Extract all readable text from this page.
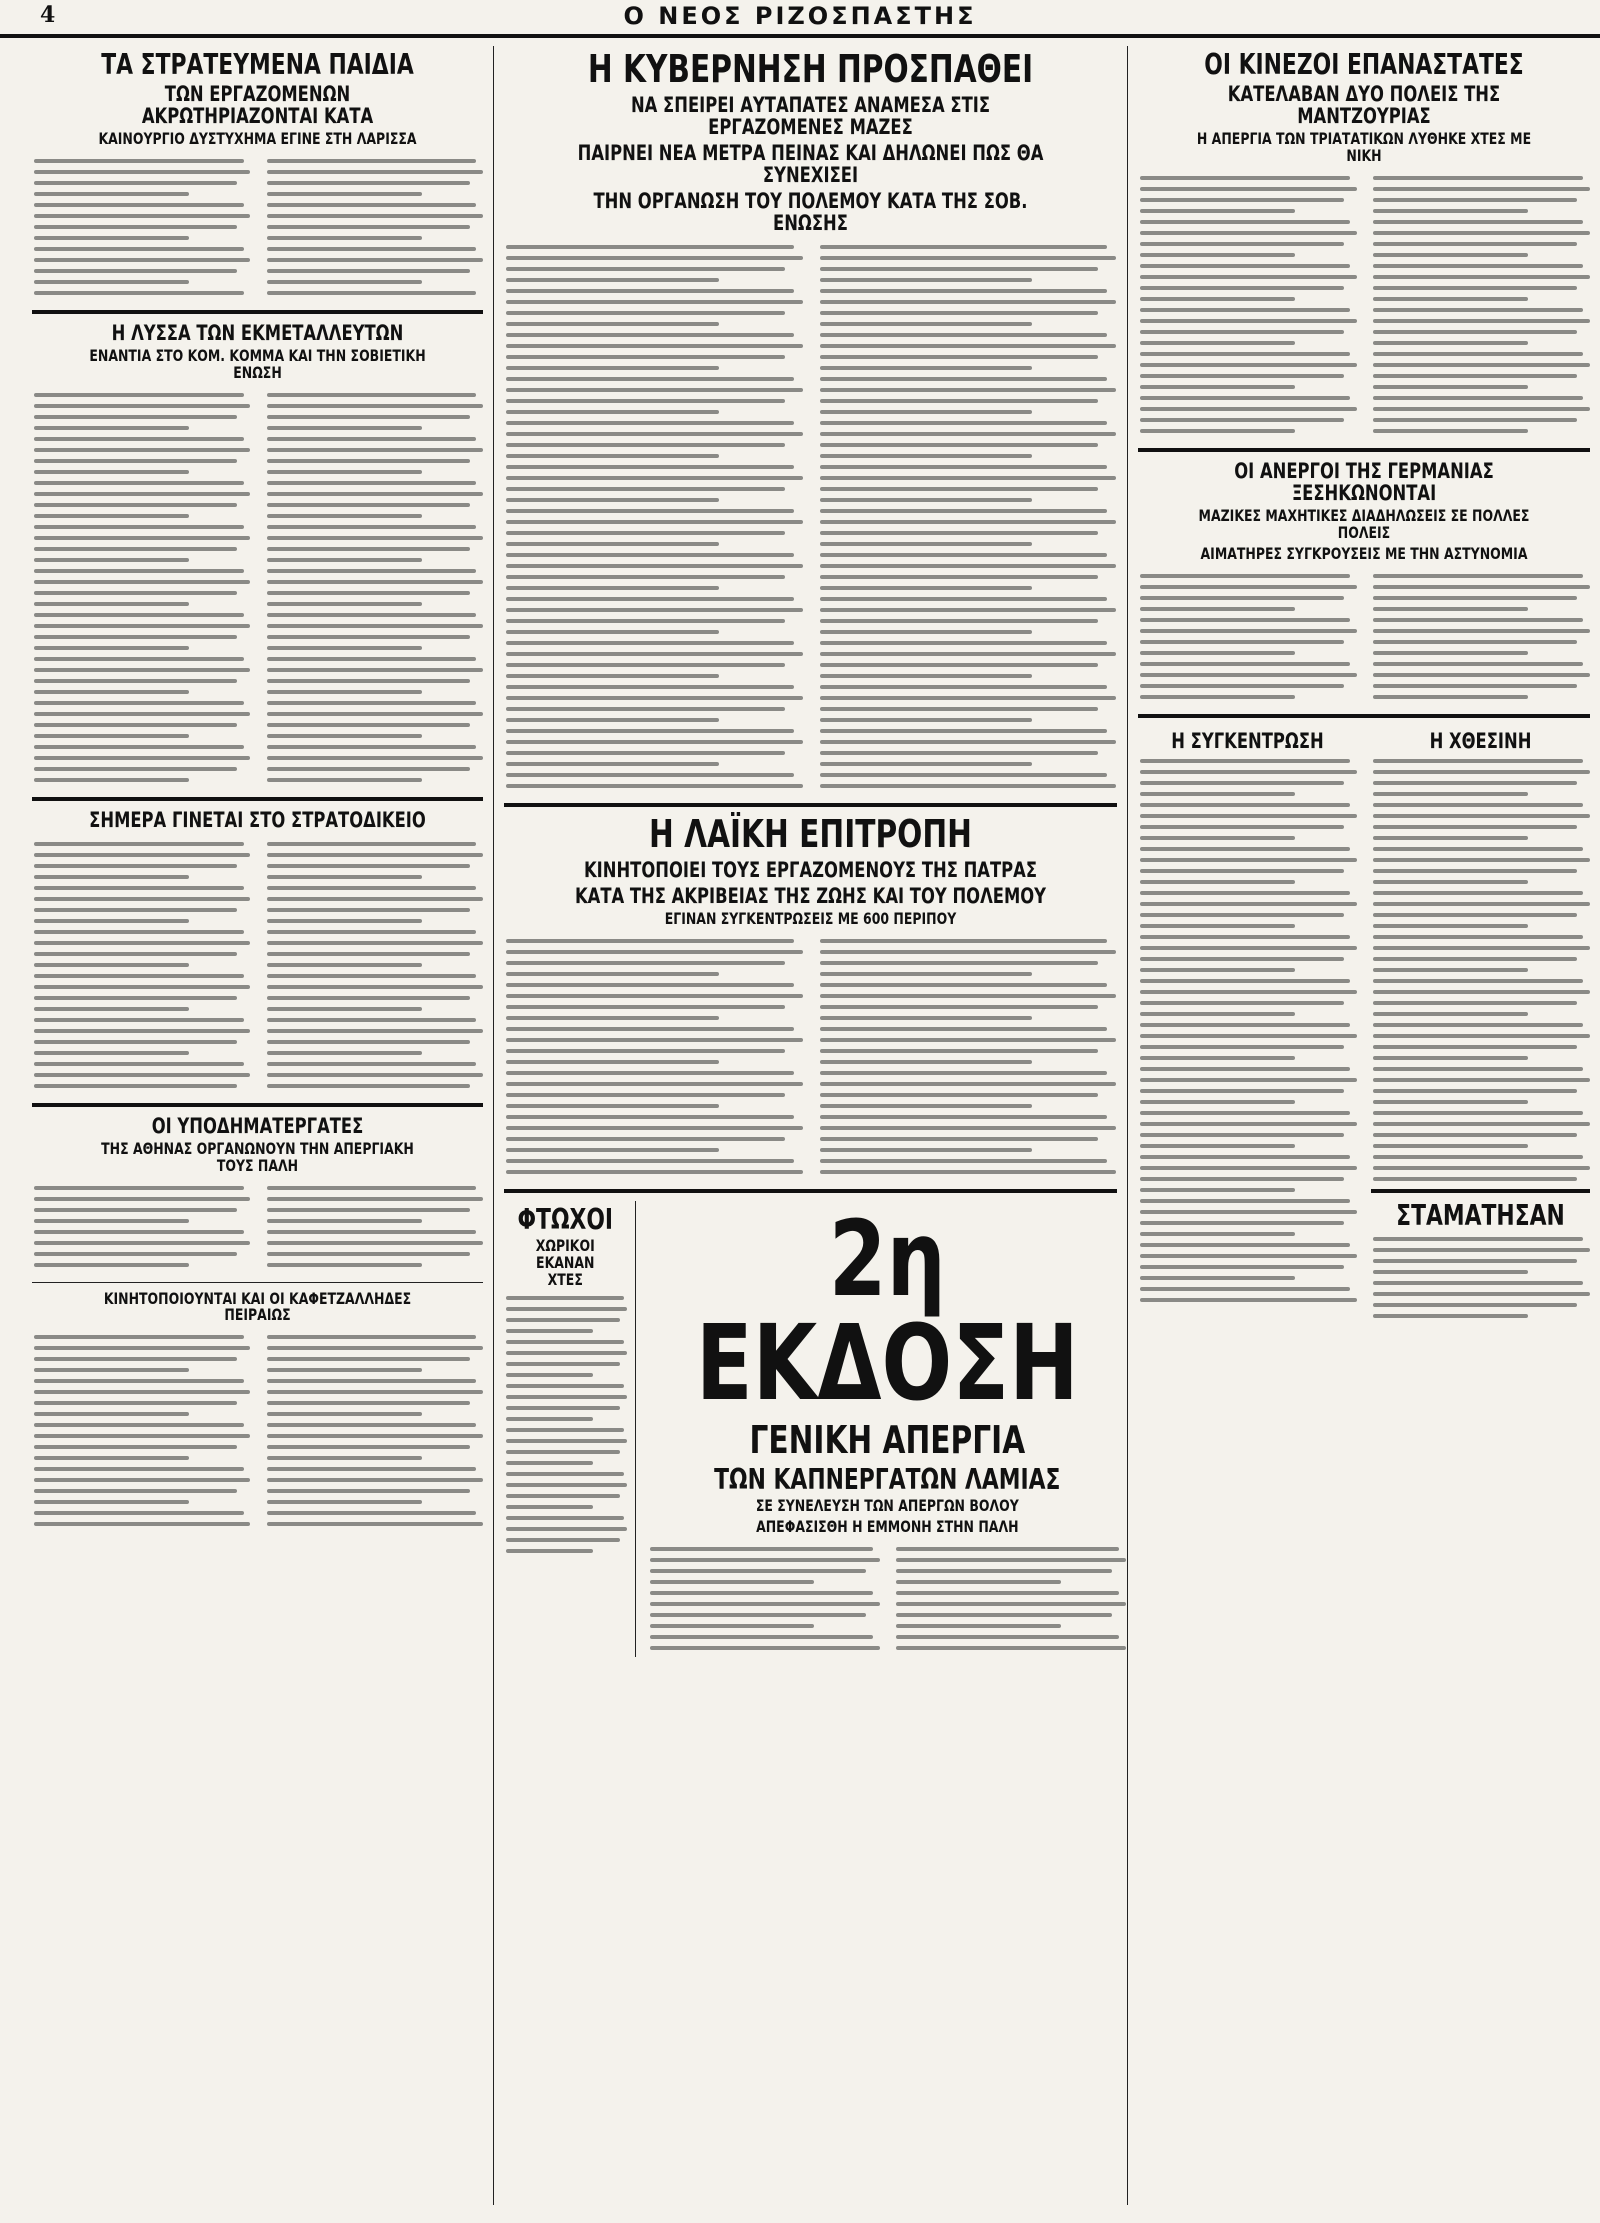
4	Ο ΝΕΟΣ ΡΙΖΟΣΠΑΣΤΗΣ
ΤΑ ΣΤΡΑΤΕΥΜΕΝΑ ΠΑΙΔΙΑ
ΤΩΝ ΕΡΓΑΖΟΜΕΝΩΝ ΑΚΡΩΤΗΡΙΑΖΟΝΤΑΙ ΚΑΤΑ
ΚΑΙΝΟΥΡΓΙΟ ΔΥΣΤΥΧΗΜΑ ΕΓΙΝΕ ΣΤΗ ΛΑΡΙΣΣΑ
Η ΛΥΣΣΑ ΤΩΝ ΕΚΜΕΤΑΛΛΕΥΤΩΝ
ΕΝΑΝΤΙΑ ΣΤΟ ΚΟΜ. ΚΟΜΜΑ ΚΑΙ ΤΗΝ ΣΟΒΙΕΤΙΚΗ ΕΝΩΣΗ
ΣΗΜΕΡΑ ΓΙΝΕΤΑΙ ΣΤΟ ΣΤΡΑΤΟΔΙΚΕΙΟ
ΟΙ ΥΠΟΔΗΜΑΤΕΡΓΑΤΕΣ
ΤΗΣ ΑΘΗΝΑΣ ΟΡΓΑΝΩΝΟΥΝ ΤΗΝ ΑΠΕΡΓΙΑΚΗ ΤΟΥΣ ΠΑΛΗ
ΚΙΝΗΤΟΠΟΙΟΥΝΤΑΙ ΚΑΙ ΟΙ ΚΑΦΕΤΖΑΛΛΗΔΕΣ ΠΕΙΡΑΙΩΣ
Η ΚΥΒΕΡΝΗΣΗ ΠΡΟΣΠΑΘΕΙ
ΝΑ ΣΠΕΙΡΕΙ ΑΥΤΑΠΑΤΕΣ ΑΝΑΜΕΣΑ ΣΤΙΣ ΕΡΓΑΖΟΜΕΝΕΣ ΜΑΖΕΣ
ΠΑΙΡΝΕΙ ΝΕΑ ΜΕΤΡΑ ΠΕΙΝΑΣ ΚΑΙ ΔΗΛΩΝΕΙ ΠΩΣ ΘΑ ΣΥΝΕΧΙΣΕΙ
ΤΗΝ ΟΡΓΑΝΩΣΗ ΤΟΥ ΠΟΛΕΜΟΥ ΚΑΤΑ ΤΗΣ ΣΟΒ. ΕΝΩΣΗΣ
Η ΛΑΪΚΗ ΕΠΙΤΡΟΠΗ
ΚΙΝΗΤΟΠΟΙΕΙ ΤΟΥΣ ΕΡΓΑΖΟΜΕΝΟΥΣ ΤΗΣ ΠΑΤΡΑΣ
ΚΑΤΑ ΤΗΣ ΑΚΡΙΒΕΙΑΣ ΤΗΣ ΖΩΗΣ ΚΑΙ ΤΟΥ ΠΟΛΕΜΟΥ
ΕΓΙΝΑΝ ΣΥΓΚΕΝΤΡΩΣΕΙΣ ΜΕ 600 ΠΕΡΙΠΟΥ
ΦΤΩΧΟΙ
ΧΩΡΙΚΟΙ ΕΚΑΝΑΝ ΧΤΕΣ	2η ΕΚΔΟΣΗ
ΓΕΝΙΚΗ ΑΠΕΡΓΙΑ
ΤΩΝ ΚΑΠΝΕΡΓΑΤΩΝ ΛΑΜΙΑΣ
ΣΕ ΣΥΝΕΛΕΥΣΗ ΤΩΝ ΑΠΕΡΓΩΝ ΒΟΛΟΥ
ΑΠΕΦΑΣΙΣΘΗ Η ΕΜΜΟΝΗ ΣΤΗΝ ΠΑΛΗ
ΟΙ ΚΙΝΕΖΟΙ ΕΠΑΝΑΣΤΑΤΕΣ
ΚΑΤΕΛΑΒΑΝ ΔΥΟ ΠΟΛΕΙΣ ΤΗΣ ΜΑΝΤΖΟΥΡΙΑΣ
Η ΑΠΕΡΓΙΑ ΤΩΝ ΤΡΙΑΤΑΤΙΚΩΝ ΛΥΘΗΚΕ ΧΤΕΣ ΜΕ ΝΙΚΗ
ΟΙ ΑΝΕΡΓΟΙ ΤΗΣ ΓΕΡΜΑΝΙΑΣ ΞΕΣΗΚΩΝΟΝΤΑΙ
ΜΑΖΙΚΕΣ ΜΑΧΗΤΙΚΕΣ ΔΙΑΔΗΛΩΣΕΙΣ ΣΕ ΠΟΛΛΕΣ ΠΟΛΕΙΣ
ΑΙΜΑΤΗΡΕΣ ΣΥΓΚΡΟΥΣΕΙΣ ΜΕ ΤΗΝ ΑΣΤΥΝΟΜΙΑ
Η ΣΥΓΚΕΝΤΡΩΣΗ	Η ΧΘΕΣΙΝΗ
ΣΤΑΜΑΤΗΣΑΝ
